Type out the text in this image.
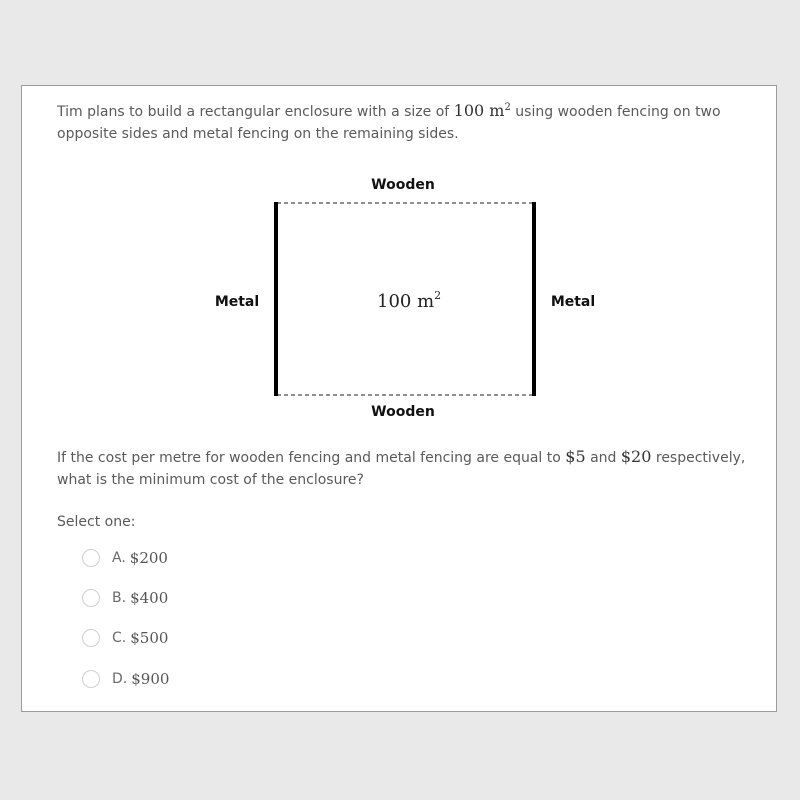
Tim plans to build a rectangular enclosure with a size of 100 $m^2$ using wooden fencing on two opposite sides and metal fencing on the remaining sides.

Wooden
Metal	Metal
100 $m^2$
Wooden

If the cost per metre for wooden fencing and metal fencing are equal to $5 and $20 respectively, what is the minimum cost of the enclosure?

Select one:
A. $200
B. $400
C. $500
D. $900
